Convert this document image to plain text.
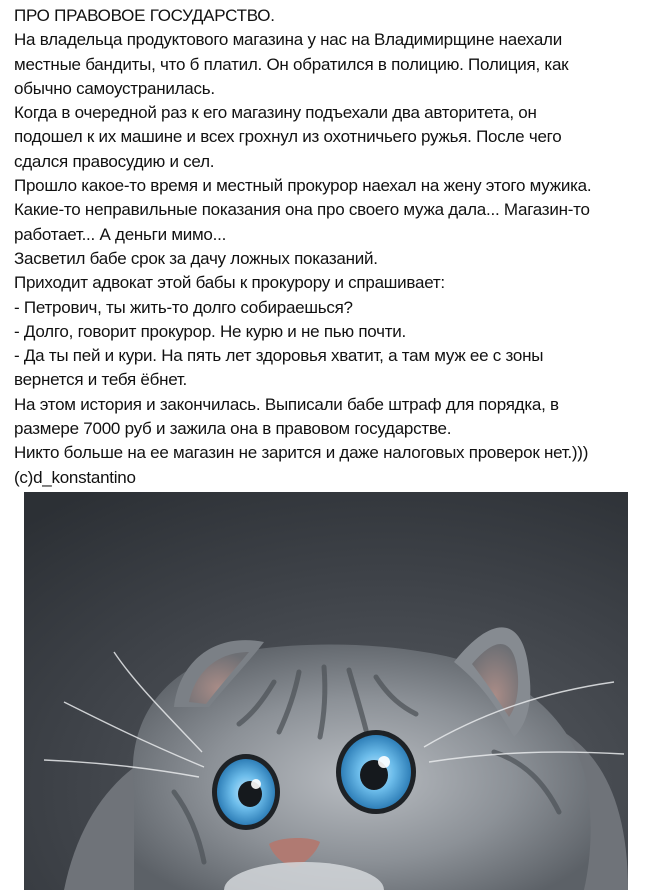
ПРО ПРАВОВОЕ ГОСУДАРСТВО.
На владельца продуктового магазина у нас на Владимирщине наехали
местные бандиты, что б платил. Он обратился в полицию. Полиция, как
обычно самоустранилась.
Когда в очередной раз к его магазину подъехали два авторитета, он
подошел к их машине и всех грохнул из охотничьего ружья. После чего
сдался правосудию и сел.
Прошло какое-то время и местный прокурор наехал на жену этого мужика.
Какие-то неправильные показания она про своего мужа дала... Магазин-то
работает... А деньги мимо...
Засветил бабе срок за дачу ложных показаний.
Приходит адвокат этой бабы к прокурору и спрашивает:
- Петрович, ты жить-то долго собираешься?
- Долго, говорит прокурор. Не курю и не пью почти.
- Да ты пей и кури. На пять лет здоровья хватит, а там муж ее с зоны
вернется и тебя ёбнет.
На этом история и закончилась. Выписали бабе штраф для порядка, в
размере 7000 руб и зажила она в правовом государстве.
Никто больше на ее магазин не зарится и даже налоговых проверок нет.)))
(c)d_konstantino
